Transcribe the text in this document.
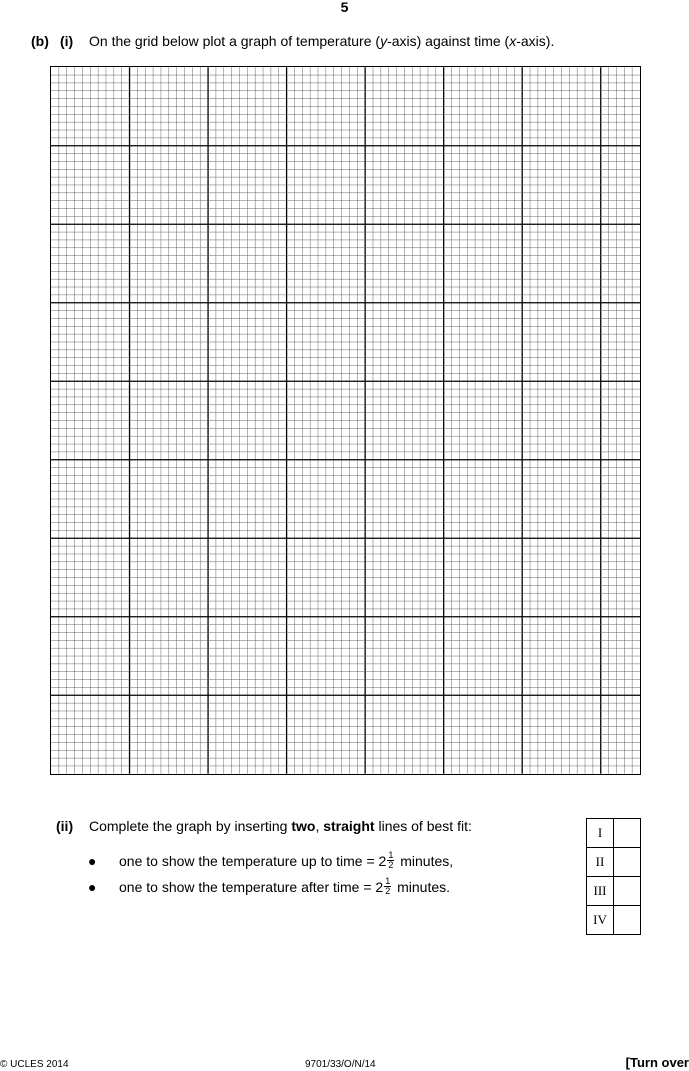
5
(b) (i) On the grid below plot a graph of temperature (y-axis) against time (x-axis).
(ii) Complete the graph by inserting two, straight lines of best fit:
● one to show the temperature up to time = $2 \frac{1}{2}$ minutes,
● one to show the temperature after time = $2 \frac{1}{2}$ minutes.
I	
II	
III	
IV	
© UCLES 2014	9701/33/O/N/14	[Turn over
